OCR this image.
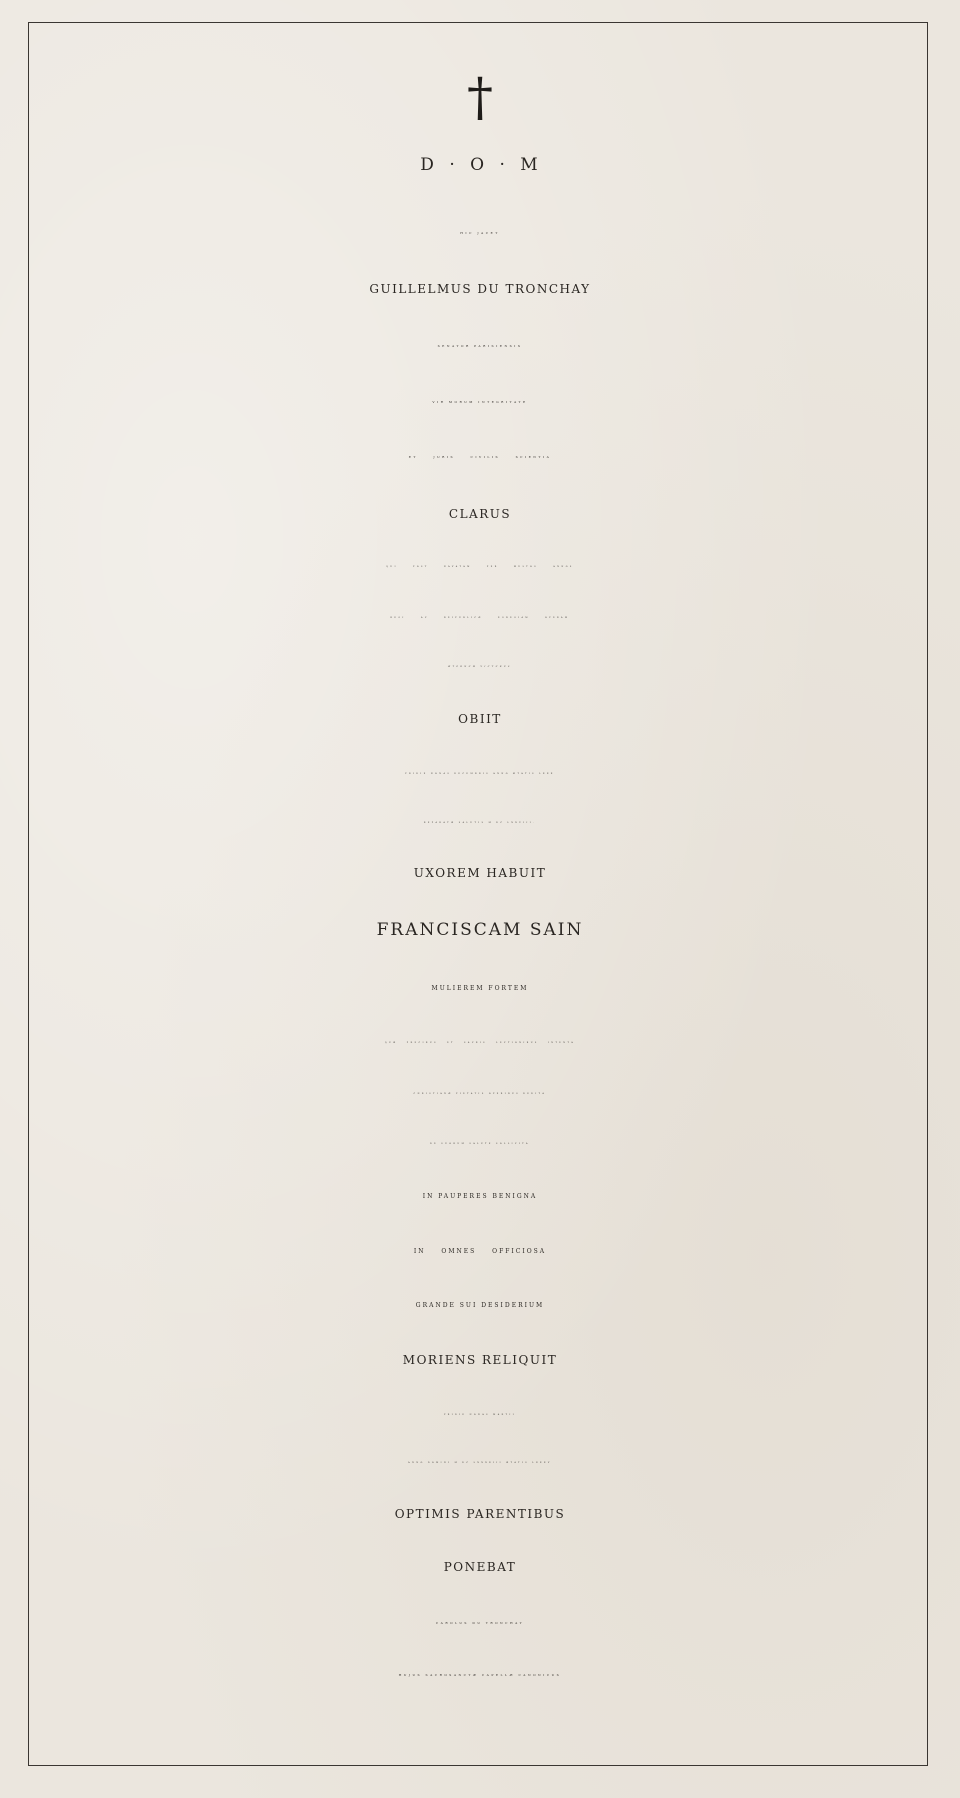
†
D · O · M
HIC JACET
GUILLELMUS DU TRONCHAY
SENATOR PARISIENSIS
VIR MORUM INTEGRITATE
ET JURIS CIVILIS SCIENTIA
CLARUS
QUI POST NAVATAM PER MULTOS ANNOS
REGI AC REIPUBLICÆ EGREGIAM OPERAM
ÆTERNUM VICTURUS
OBIIT
PRIDIE NONAS DECEMBRIS ANNO ÆTATIS LXXX
REPARATÆ SALUTIS M DC LXXVIII.
UXOREM HABUIT
FRANCISCAM SAIN
MULIEREM FORTEM
QUÆ PRECIBUS ET SACRIS LECTIONIBUS INTENTA
CHRISTIANÆ PIETATIS OPERIBUS DEDITA
DE SUORUM SALUTE SOLLICITA
IN PAUPERES BENIGNA
IN OMNES OFFICIOSA
GRANDE SUI DESIDERIUM
MORIENS RELIQUIT
PRIDIE NONAS MARTII
ANNO DOMINI M DC LXXXXIII ÆTATIS LXXXV
OPTIMIS PARENTIBUS
PONEBAT
CAROLUS DU TRONCHAY
HUJUS SACROSANCTÆ CAPELLÆ CANONICUS
